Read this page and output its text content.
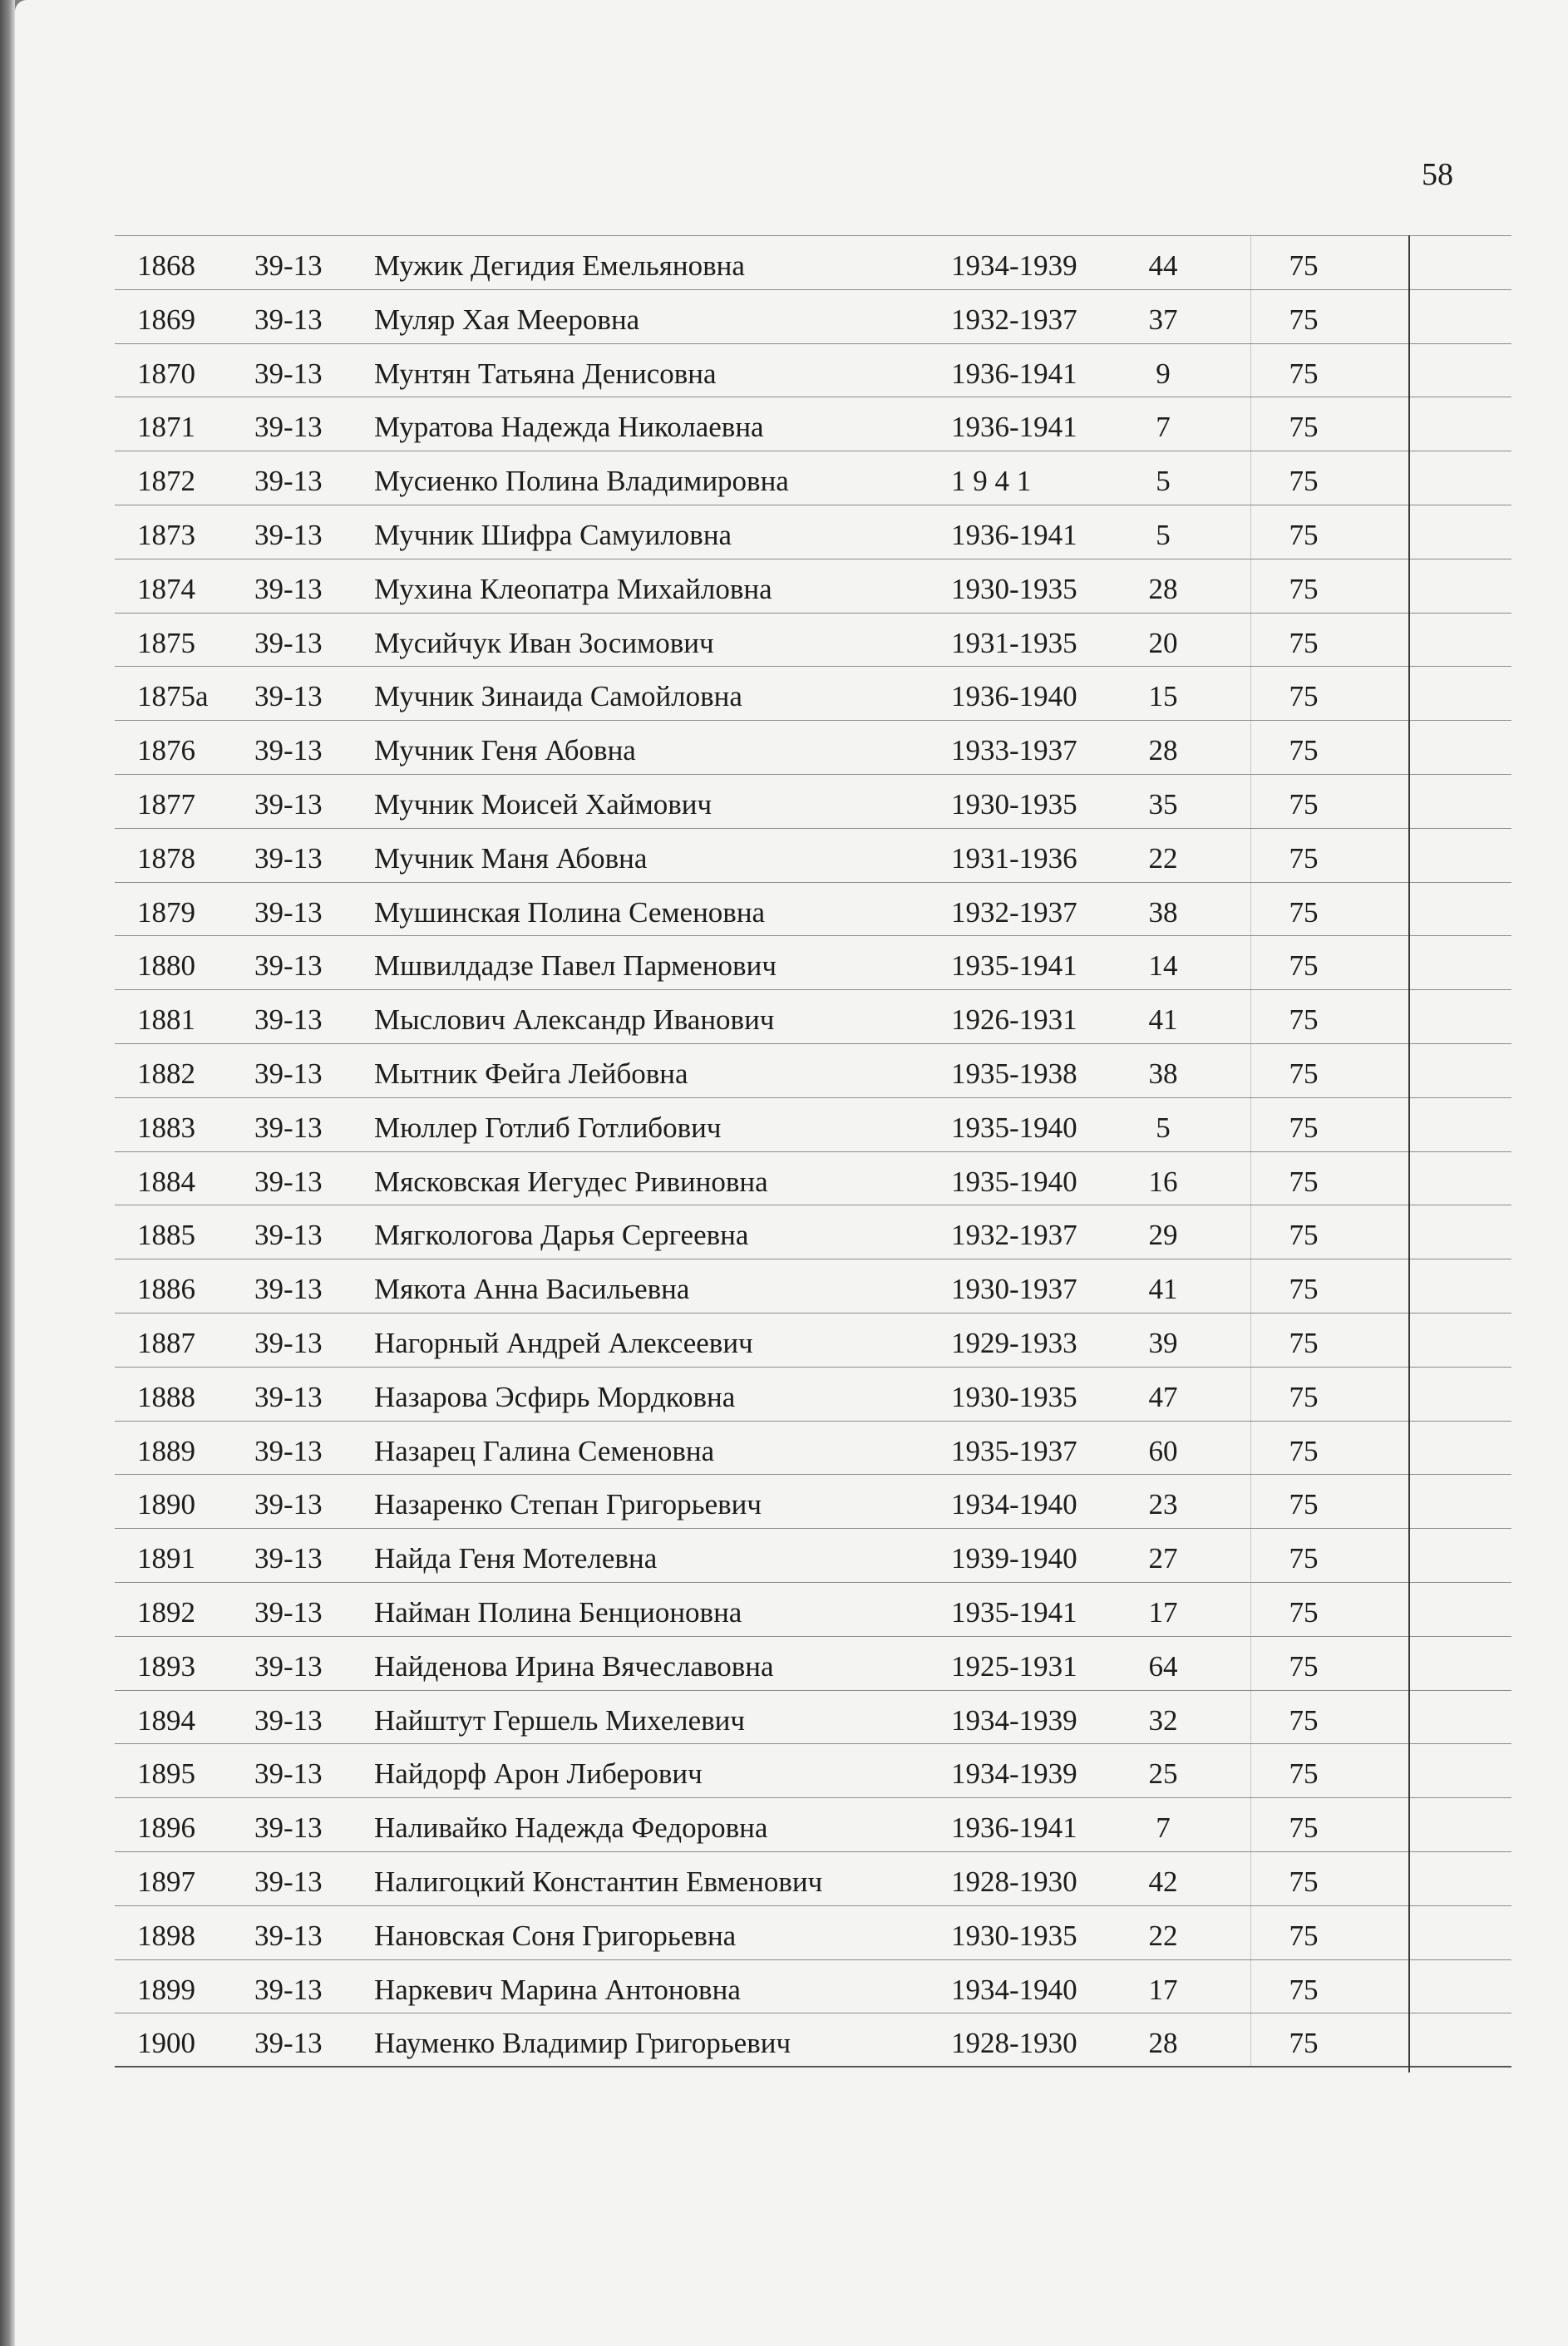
58
1868 39-13 Мужик Дегидия Емельяновна	1934-1939	44	75
1869 39-13 Муляр Хая Мееровна	1932-1937	37	75
1870 39-13 Мунтян Татьяна Денисовна	1936-1941	9	75
1871 39-13 Муратова Надежда Николаевна	1936-1941	7	75
1872 39-13 Мусиенко Полина Владимировна	1 9 4 1	5	75
1873 39-13 Мучник Шифра Самуиловна	1936-1941	5	75
1874 39-13 Мухина Клеопатра Михайловна	1930-1935	28	75
1875 39-13 Мусийчук Иван Зосимович	1931-1935	20	75
1875а 39-13 Мучник Зинаида Самойловна	1936-1940	15	75
1876 39-13 Мучник Геня Абовна	1933-1937	28	75
1877 39-13 Мучник Моисей Хаймович	1930-1935	35	75
1878 39-13 Мучник Маня Абовна	1931-1936	22	75
1879 39-13 Мушинская Полина Семеновна	1932-1937	38	75
1880 39-13 Мшвилдадзе Павел Парменович	1935-1941	14	75
1881 39-13 Мыслович Александр Иванович	1926-1931	41	75
1882 39-13 Мытник Фейга Лейбовна	1935-1938	38	75
1883 39-13 Мюллер Готлиб Готлибович	1935-1940	5	75
1884 39-13 Мясковская Иегудес Ривиновна	1935-1940	16	75
1885 39-13 Мягкологова Дарья Сергеевна	1932-1937	29	75
1886 39-13 Мякота Анна Васильевна	1930-1937	41	75
1887 39-13 Нагорный Андрей Алексеевич	1929-1933	39	75
1888 39-13 Назарова Эсфирь Мордковна	1930-1935	47	75
1889 39-13 Назарец Галина Семеновна	1935-1937	60	75
1890 39-13 Назаренко Степан Григорьевич	1934-1940	23	75
1891 39-13 Найда Геня Мотелевна	1939-1940	27	75
1892 39-13 Найман Полина Бенционовна	1935-1941	17	75
1893 39-13 Найденова Ирина Вячеславовна	1925-1931	64	75
1894 39-13 Найштут Гершель Михелевич	1934-1939	32	75
1895 39-13 Найдорф Арон Либерович	1934-1939	25	75
1896 39-13 Наливайко Надежда Федоровна	1936-1941	7	75
1897 39-13 Налигоцкий Константин Евменович	1928-1930	42	75
1898 39-13 Нановская Соня Григорьевна	1930-1935	22	75
1899 39-13 Наркевич Марина Антоновна	1934-1940	17	75
1900 39-13 Науменко Владимир Григорьевич	1928-1930	28	75
